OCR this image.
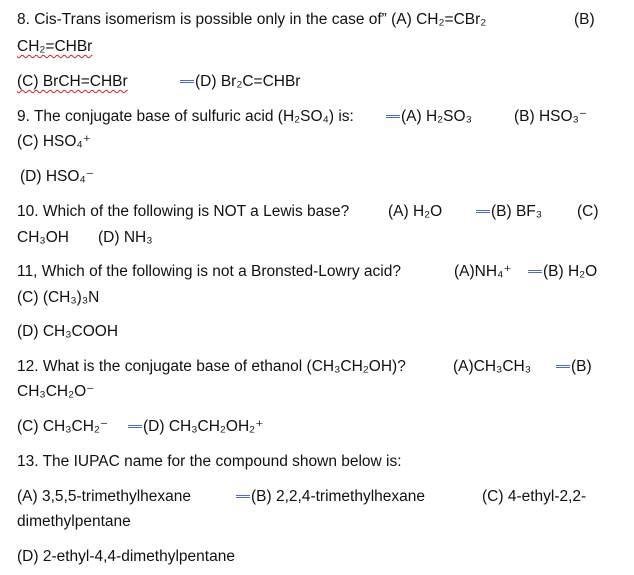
8. Cis-Trans isomerism is possible only in the case of” (A) CH₂=CBr₂	(B)
CH₂=CHBr
(C) BrCH=CHBr	(D) Br₂C=CHBr
9. The conjugate base of sulfuric acid (H₂SO₄) is:	(A) H₂SO₃	(B) HSO₃⁻
(C) HSO₄⁺
(D) HSO₄⁻
10. Which of the following is NOT a Lewis base? (A) H₂O	(B) BF₃ (C)
CH₃OH (D) NH₃
11, Which of the following is not a Bronsted-Lowry acid?	(A)NH₄⁺	(B) H₂O
(C) (CH₃)₃N
(D) CH₃COOH
12. What is the conjugate base of ethanol (CH₃CH₂OH)?	(A)CH₃CH₃	(B)
CH₃CH₂O⁻
(C) CH₃CH₂⁻	(D) CH₃CH₂OH₂⁺
13. The IUPAC name for the compound shown below is:
(A) 3,5,5-trimethylhexane	(B) 2,2,4-trimethylhexane	(C) 4-ethyl-2,2-
dimethylpentane
(D) 2-ethyl-4,4-dimethylpentane
